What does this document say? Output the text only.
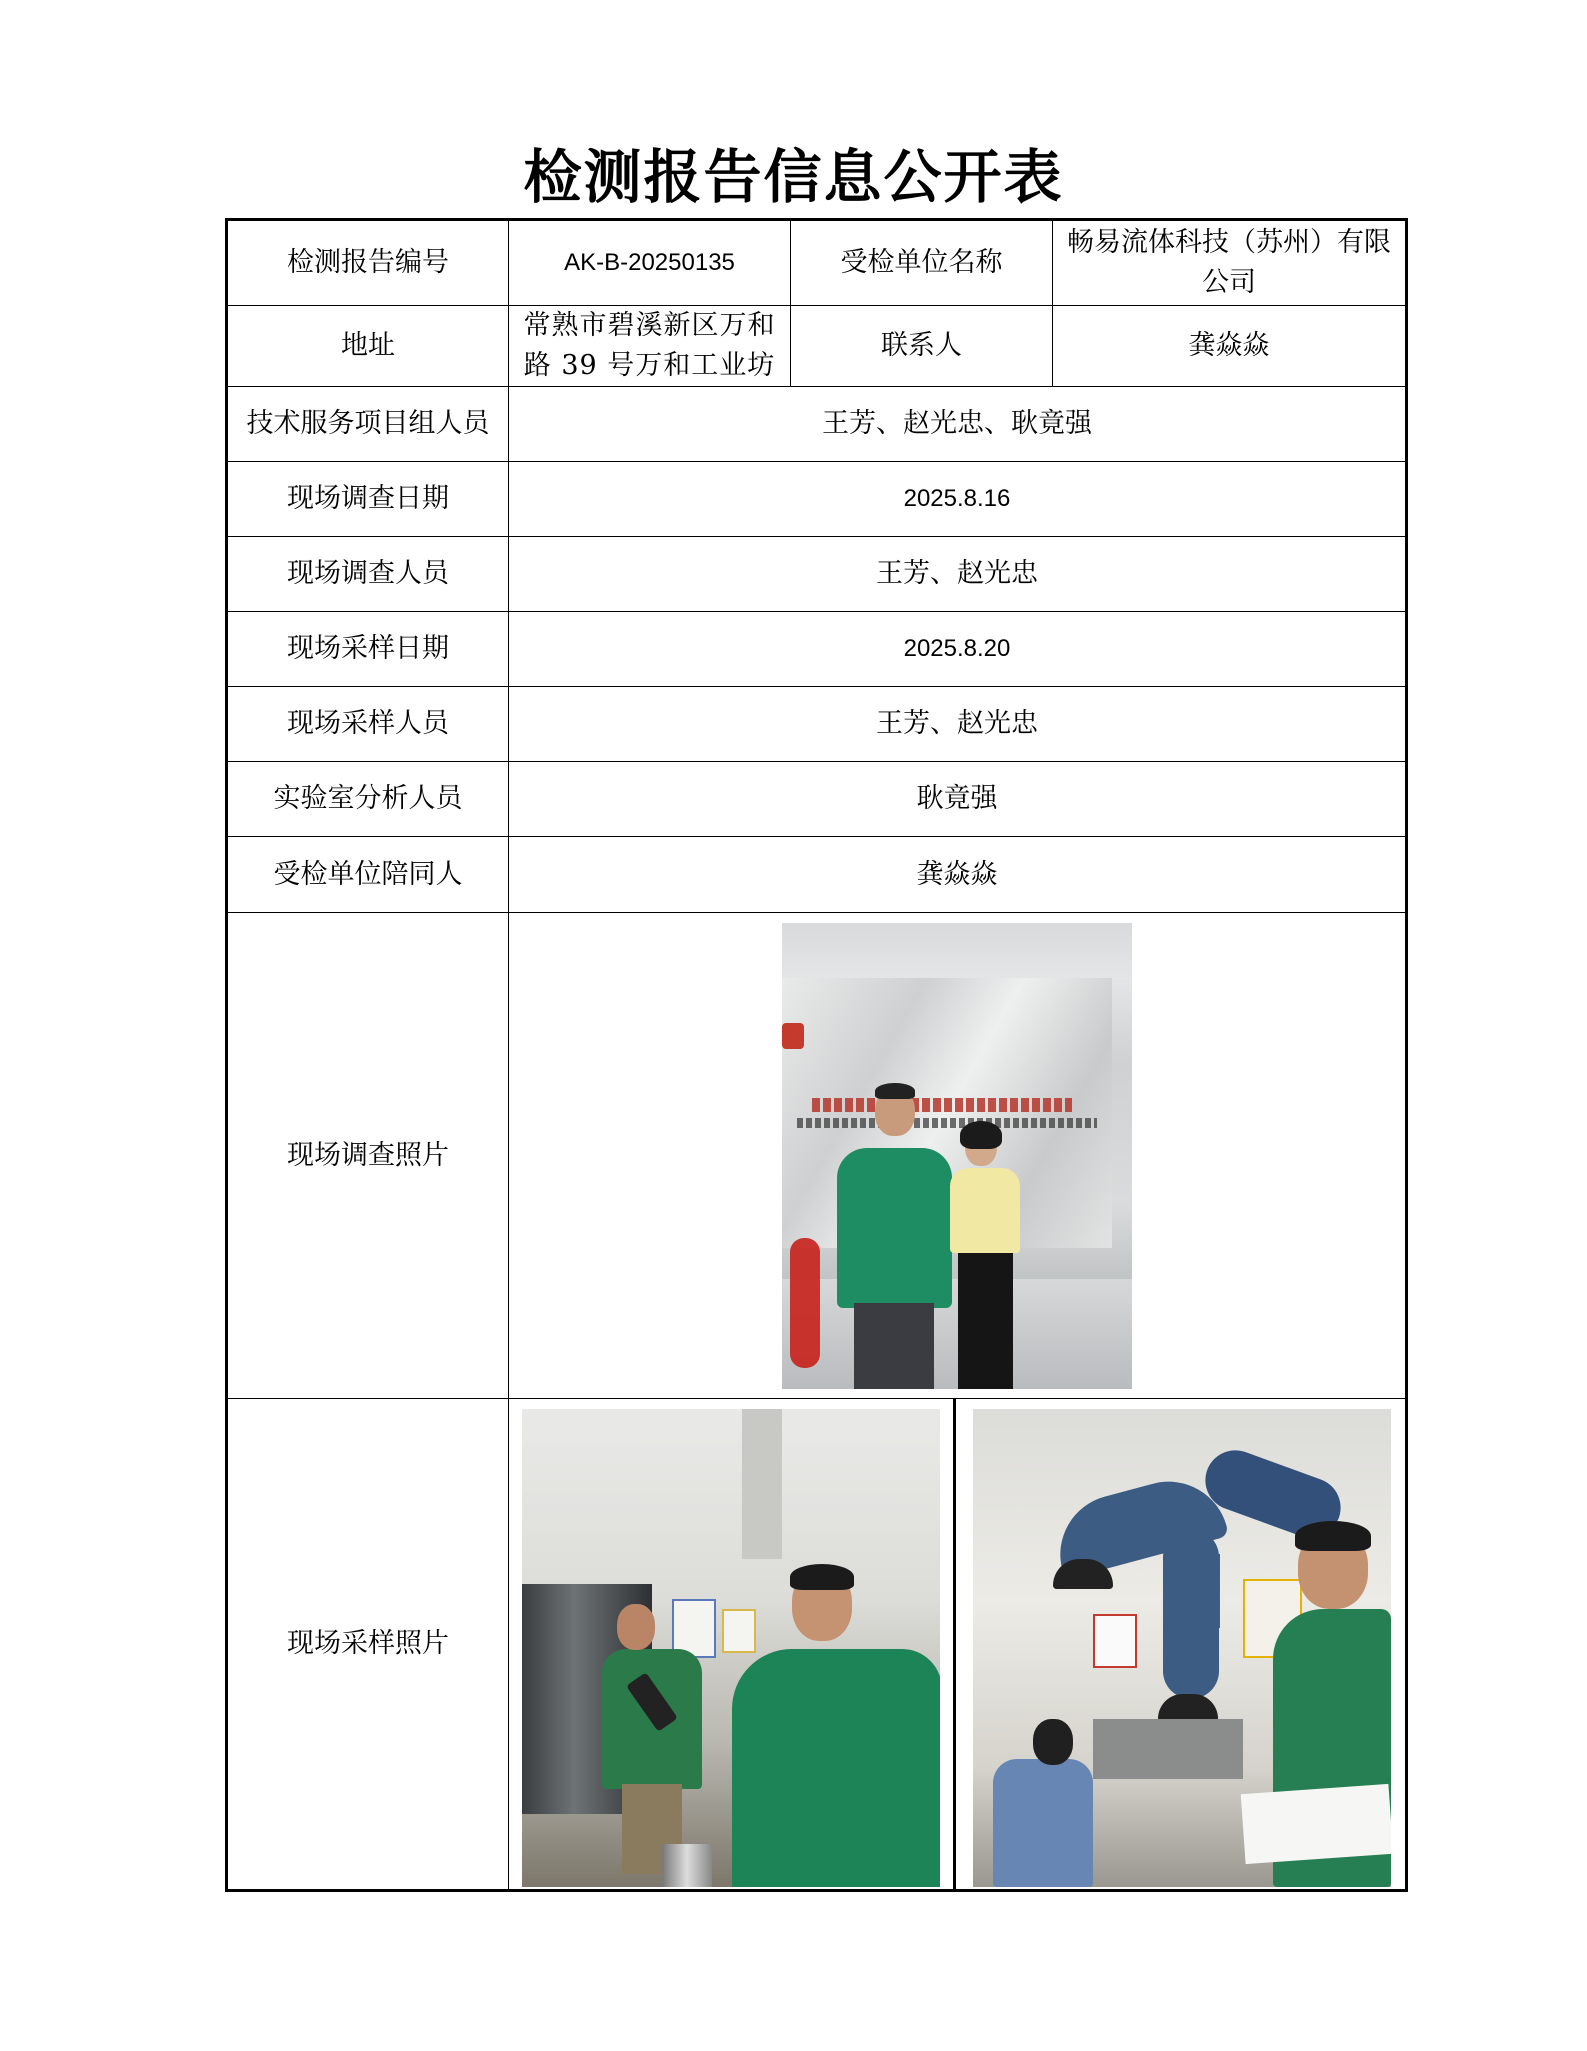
检测报告信息公开表
检测报告编号	AK-B-20250135	受检单位名称	畅易流体科技（苏州）有限公司
地址	常熟市碧溪新区万和路 39 号万和工业坊	联系人	龚焱焱
技术服务项目组人员	王芳、赵光忠、耿竟强		
现场调查日期	2025.8.16		
现场调查人员	王芳、赵光忠		
现场采样日期	2025.8.20		
现场采样人员	王芳、赵光忠		
实验室分析人员	耿竟强		
受检单位陪同人	龚焱焱		
现场调查照片			

现场采样照片			
